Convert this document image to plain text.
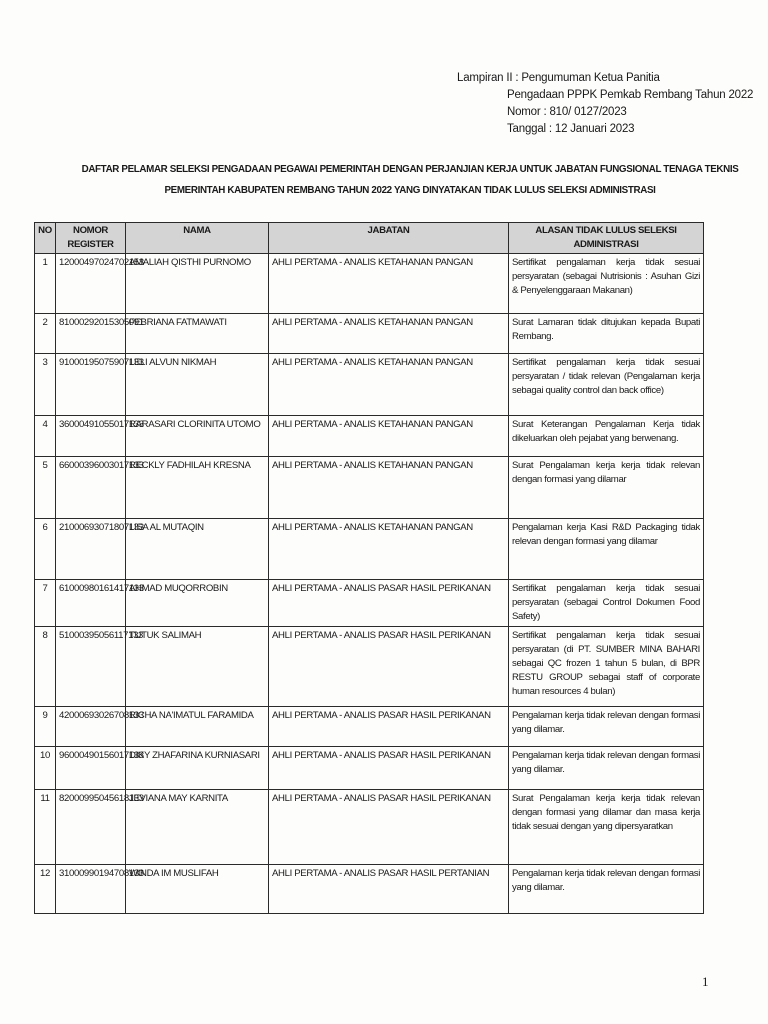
Lampiran II : Pengumuman Ketua Panitia
Pengadaan PPPK Pemkab Rembang Tahun 2022
Nomor : 810/ 0127/2023
Tanggal : 12 Januari 2023
DAFTAR PELAMAR SELEKSI PENGADAAN PEGAWAI PEMERINTAH DENGAN PERJANJIAN KERJA UNTUK JABATAN FUNGSIONAL TENAGA TEKNIS
PEMERINTAH KABUPATEN REMBANG TAHUN 2022 YANG DINYATAKAN TIDAK LULUS SELEKSI ADMINISTRASI
NO	NOMOR REGISTER	NAMA	JABATAN	ALASAN TIDAK LULUS SELEKSI ADMINISTRASI
1	12000497024702153	AMALIAH QISTHI PURNOMO	AHLI PERTAMA - ANALIS KETAHANAN PANGAN	Sertifikat pengalaman kerja tidak sesuai persyaratan (sebagai Nutrisionis : Asuhan Gizi & Penyelenggaraan Makanan)
2	81000292015305091	FEBRIANA FATMAWATI	AHLI PERTAMA - ANALIS KETAHANAN PANGAN	Surat Lamaran tidak ditujukan kepada Bupati Rembang.
3	91000195075907133	LELI ALVUN NIKMAH	AHLI PERTAMA - ANALIS KETAHANAN PANGAN	Sertifikat pengalaman kerja tidak sesuai persyaratan / tidak relevan (Pengalaman kerja sebagai quality control dan back office)
4	36000491055017133	RARASARI CLORINITA UTOMO	AHLI PERTAMA - ANALIS KETAHANAN PANGAN	Surat Keterangan Pengalaman Kerja tidak dikeluarkan oleh pejabat yang berwenang.
5	66000396003017133	RECKLY FADHILAH KRESNA	AHLI PERTAMA - ANALIS KETAHANAN PANGAN	Surat Pengalaman kerja kerja tidak relevan dengan formasi yang dilamar
6	21000693071807133	LISA AL MUTAQIN	AHLI PERTAMA - ANALIS KETAHANAN PANGAN	Pengalaman kerja Kasi R&D Packaging tidak relevan dengan formasi yang dilamar
7	61000980161417133	AHMAD MUQORROBIN	AHLI PERTAMA - ANALIS PASAR HASIL PERIKANAN	Sertifikat pengalaman kerja tidak sesuai persyaratan (sebagai Control Dokumen Food Safety)
8	51000395056117133	TUTUK SALIMAH	AHLI PERTAMA - ANALIS PASAR HASIL PERIKANAN	Sertifikat pengalaman kerja tidak sesuai persyaratan (di PT. SUMBER MINA BAHARI sebagai QC frozen 1 tahun 5 bulan, di BPR RESTU GROUP sebagai staff of corporate human resources 4 bulan)
9	42000693026708133	RICHA NA'IMATUL FARAMIDA	AHLI PERTAMA - ANALIS PASAR HASIL PERIKANAN	Pengalaman kerja tidak relevan dengan formasi yang dilamar.
10	96000490156017133	DIKY ZHAFARINA KURNIASARI	AHLI PERTAMA - ANALIS PASAR HASIL PERIKANAN	Pengalaman kerja tidak relevan dengan formasi yang dilamar.
11	82000995045618133	JEVIANA MAY KARNITA	AHLI PERTAMA - ANALIS PASAR HASIL PERIKANAN	Surat Pengalaman kerja kerja tidak relevan dengan formasi yang dilamar dan masa kerja tidak sesuai dengan yang dipersyaratkan
12	31000990194708133	WINDA IM MUSLIFAH	AHLI PERTAMA - ANALIS PASAR HASIL PERTANIAN	Pengalaman kerja tidak relevan dengan formasi yang dilamar.
1
